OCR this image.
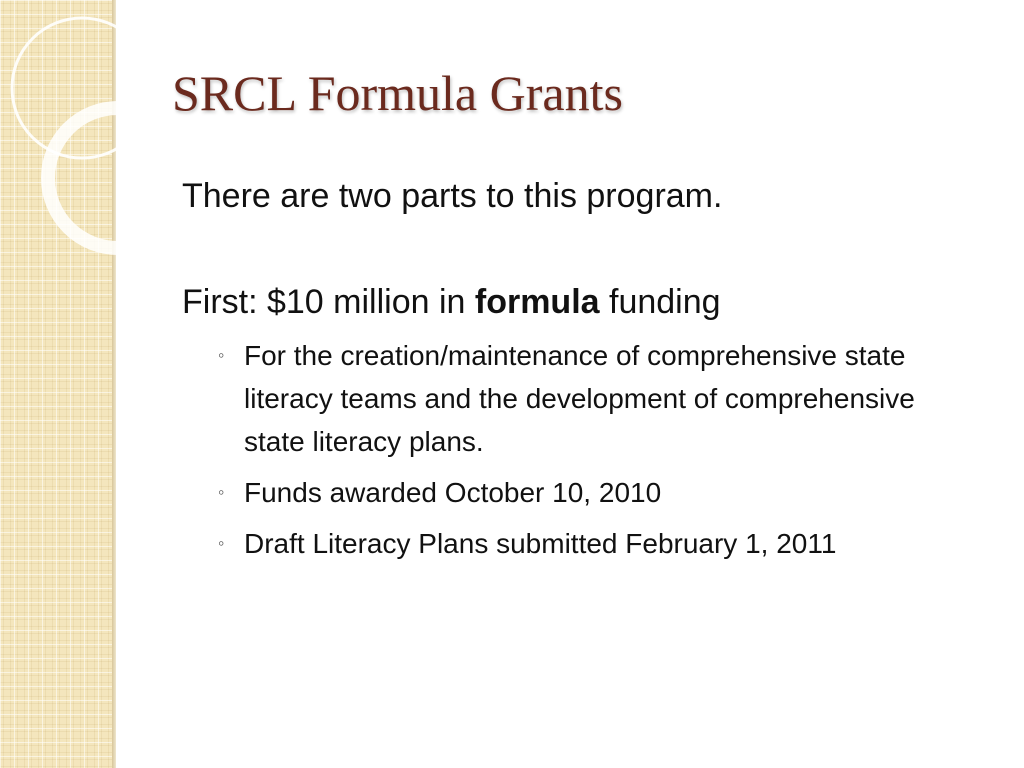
SRCL Formula Grants

There are two parts to this program.

First: $10 million in formula funding

◦ For the creation/maintenance of comprehensive state literacy teams and the development of comprehensive state literacy plans.
◦ Funds awarded October 10, 2010
◦ Draft Literacy Plans submitted February 1, 2011
